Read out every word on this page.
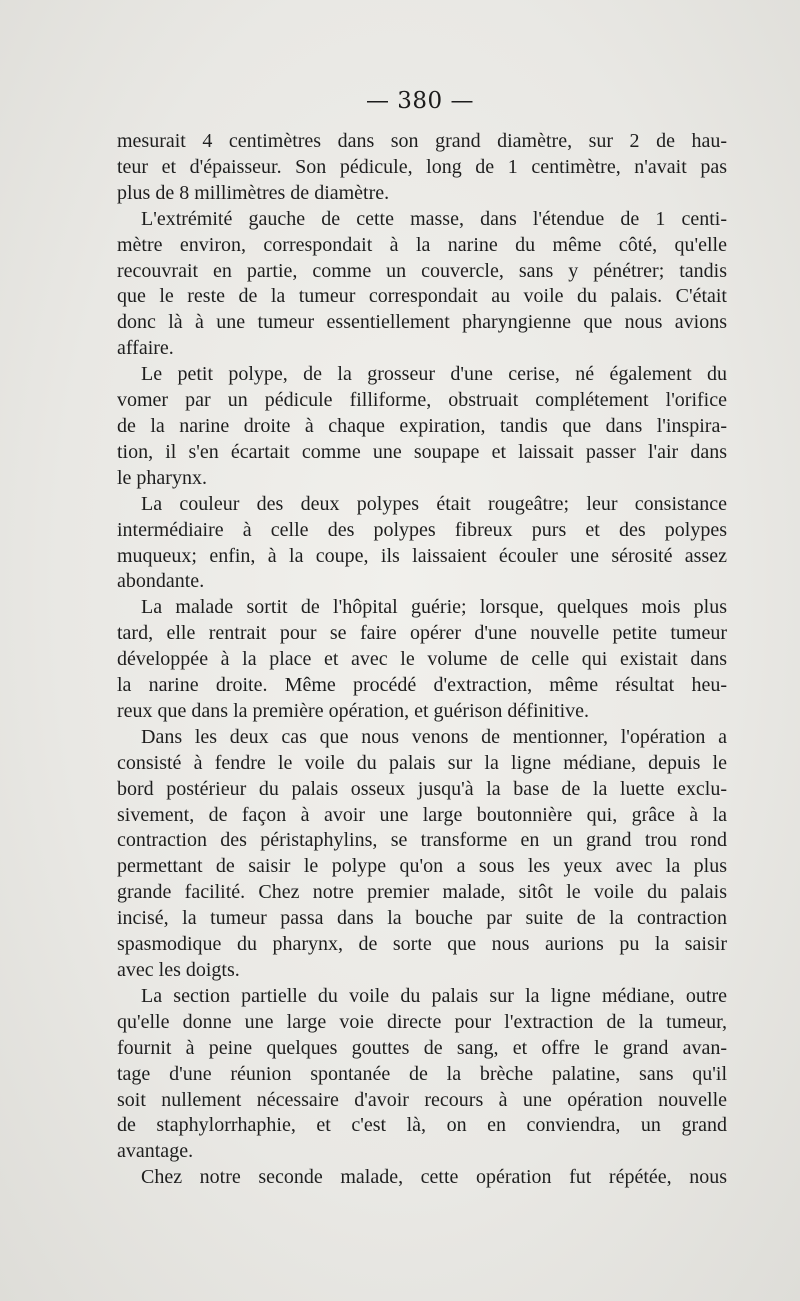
— 380 —
mesurait 4 centimètres dans son grand diamètre, sur 2 de hau-
teur et d'épaisseur. Son pédicule, long de 1 centimètre, n'avait pas
plus de 8 millimètres de diamètre.
L'extrémité gauche de cette masse, dans l'étendue de 1 centi-
mètre environ, correspondait à la narine du même côté, qu'elle
recouvrait en partie, comme un couvercle, sans y pénétrer; tandis
que le reste de la tumeur correspondait au voile du palais. C'était
donc là à une tumeur essentiellement pharyngienne que nous avions
affaire.
Le petit polype, de la grosseur d'une cerise, né également du
vomer par un pédicule filliforme, obstruait complétement l'orifice
de la narine droite à chaque expiration, tandis que dans l'inspira-
tion, il s'en écartait comme une soupape et laissait passer l'air dans
le pharynx.
La couleur des deux polypes était rougeâtre; leur consistance
intermédiaire à celle des polypes fibreux purs et des polypes
muqueux; enfin, à la coupe, ils laissaient écouler une sérosité assez
abondante.
La malade sortit de l'hôpital guérie; lorsque, quelques mois plus
tard, elle rentrait pour se faire opérer d'une nouvelle petite tumeur
développée à la place et avec le volume de celle qui existait dans
la narine droite. Même procédé d'extraction, même résultat heu-
reux que dans la première opération, et guérison définitive.
Dans les deux cas que nous venons de mentionner, l'opération a
consisté à fendre le voile du palais sur la ligne médiane, depuis le
bord postérieur du palais osseux jusqu'à la base de la luette exclu-
sivement, de façon à avoir une large boutonnière qui, grâce à la
contraction des péristaphylins, se transforme en un grand trou rond
permettant de saisir le polype qu'on a sous les yeux avec la plus
grande facilité. Chez notre premier malade, sitôt le voile du palais
incisé, la tumeur passa dans la bouche par suite de la contraction
spasmodique du pharynx, de sorte que nous aurions pu la saisir
avec les doigts.
La section partielle du voile du palais sur la ligne médiane, outre
qu'elle donne une large voie directe pour l'extraction de la tumeur,
fournit à peine quelques gouttes de sang, et offre le grand avan-
tage d'une réunion spontanée de la brèche palatine, sans qu'il
soit nullement nécessaire d'avoir recours à une opération nouvelle
de staphylorrhaphie, et c'est là, on en conviendra, un grand
avantage.
Chez notre seconde malade, cette opération fut répétée, nous
